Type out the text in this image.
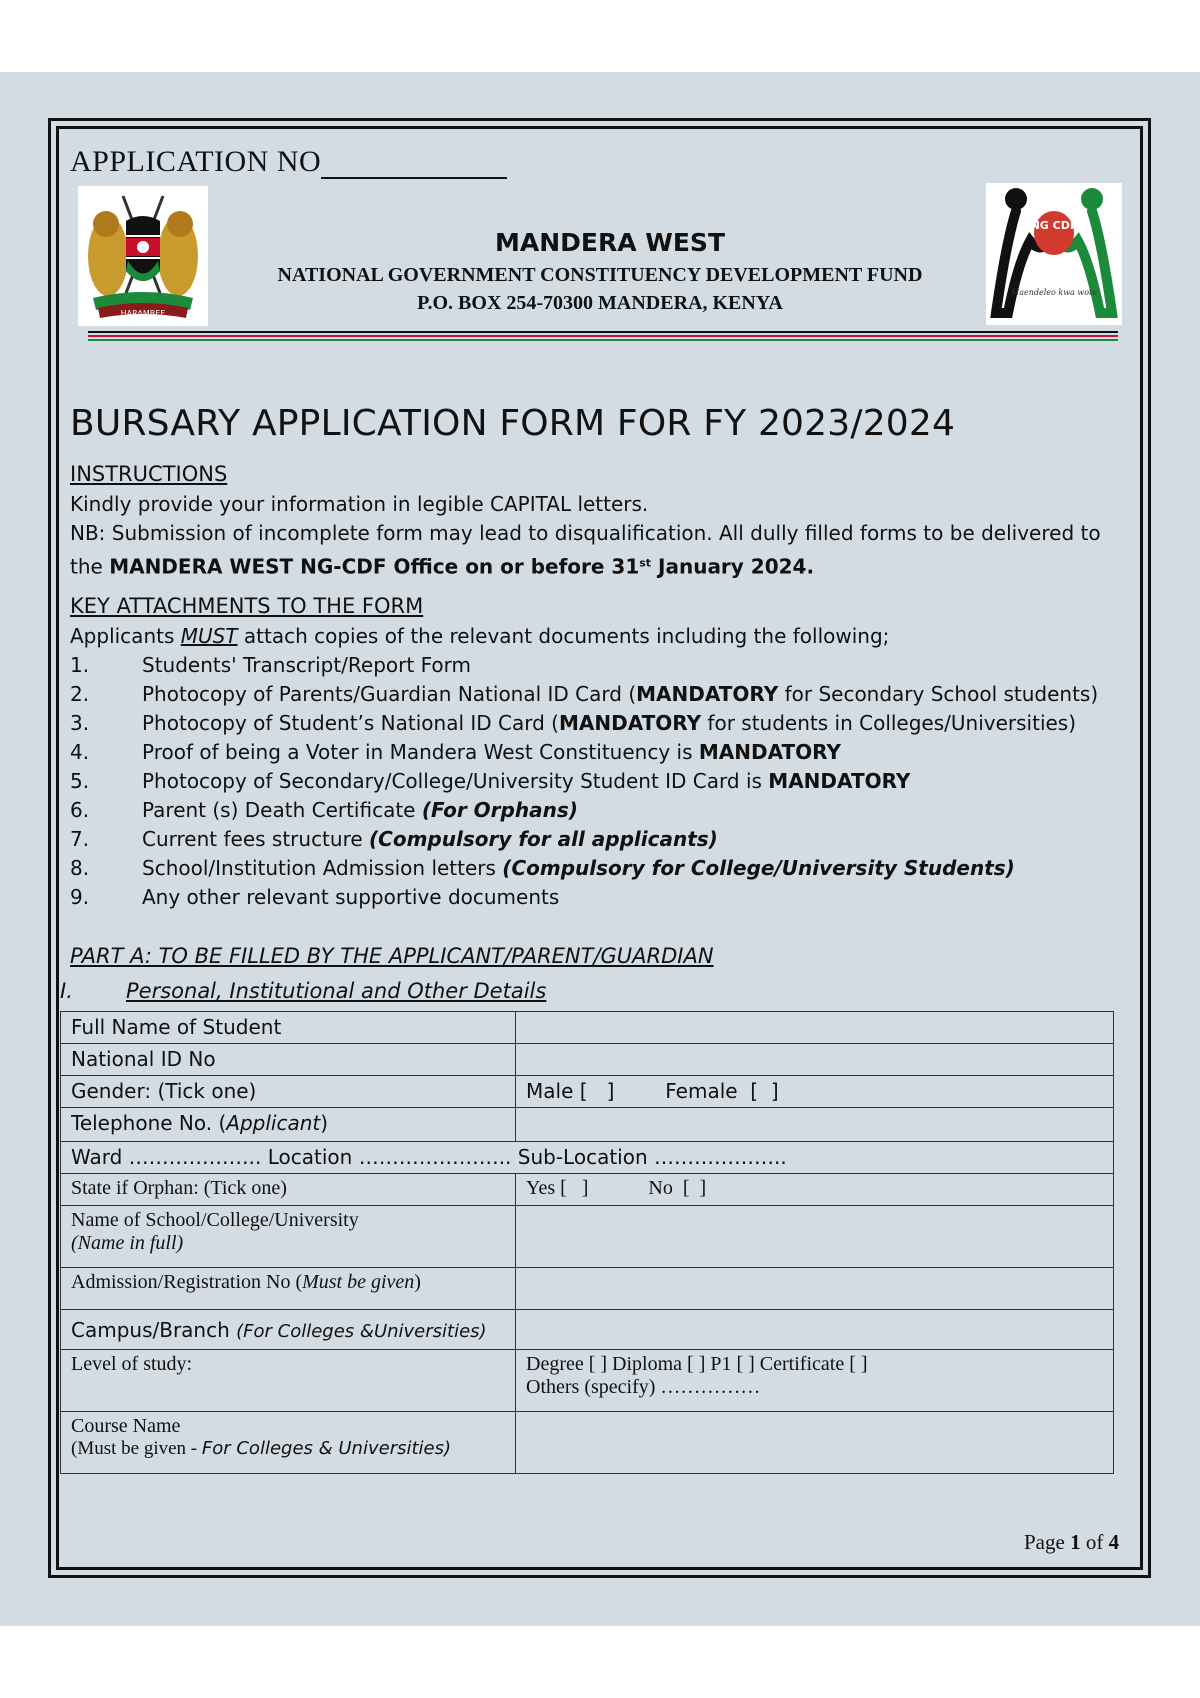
APPLICATION NO
HARAMBEE
NG CDF
Maendeleo kwa wote
MANDERA WEST
NATIONAL GOVERNMENT CONSTITUENCY DEVELOPMENT FUND
P.O. BOX 254-70300 MANDERA, KENYA
BURSARY APPLICATION FORM FOR FY 2023/2024
INSTRUCTIONS
Kindly provide your information in legible CAPITAL letters.
NB: Submission of incomplete form may lead to disqualification. All dully filled forms to be delivered to the MANDERA WEST NG-CDF Office on or before 31st January 2024.
KEY ATTACHMENTS TO THE FORM
Applicants MUST attach copies of the relevant documents including the following;
1.	Students' Transcript/Report Form
2.	Photocopy of Parents/Guardian National ID Card (MANDATORY for Secondary School students)
3.	Photocopy of Student’s National ID Card (MANDATORY for students in Colleges/Universities)
4.	Proof of being a Voter in Mandera West Constituency is MANDATORY
5.	Photocopy of Secondary/College/University Student ID Card is MANDATORY
6.	Parent (s) Death Certificate (For Orphans)
7.	Current fees structure (Compulsory for all applicants)
8.	School/Institution Admission letters (Compulsory for College/University Students)
9.	Any other relevant supportive documents
PART A: TO BE FILLED BY THE APPLICANT/PARENT/GUARDIAN
I.	Personal, Institutional and Other Details
Full Name of Student	
National ID No	
Gender: (Tick one)	Male [   ]        Female  [  ]
Telephone No. (Applicant)	
Ward ……………….. Location ………………….. Sub-Location ………………..	
State if Orphan: (Tick one)	Yes [   ]            No  [  ]

Name of School/College/University
(Name in full)	

Admission/Registration No (Must be given)	
Campus/Branch (For Colleges &Universities)	
Level of study:	Degree [ ] Diploma [ ] P1 [ ] Certificate [ ]
Others (specify) ……………

Course Name
(Must be given - For Colleges & Universities)	

Page 1 of 4
